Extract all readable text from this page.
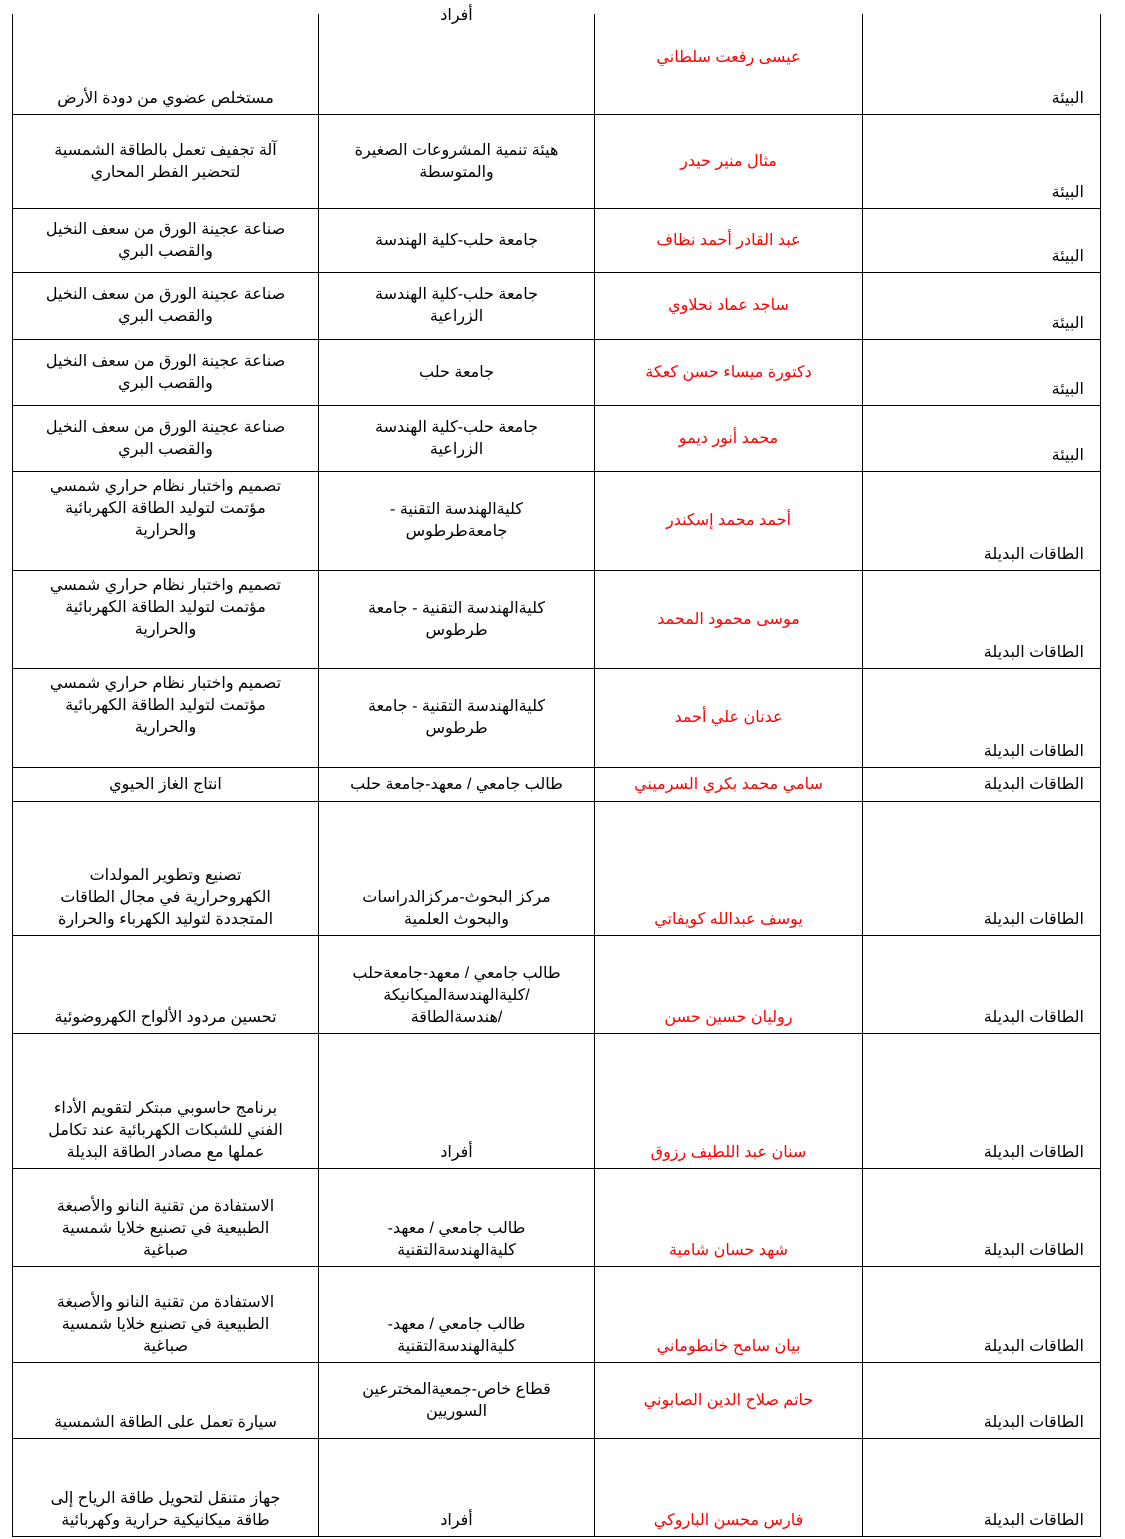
البيئة
عيسى رفعت سلطاني
أفراد
مستخلص عضوي من دودة الأرض
البيئة
مثال منير حيدر
هيئة تنمية المشروعات الصغيرة
والمتوسطة
آلة تجفيف تعمل بالطاقة الشمسية
لتحضير الفطر المحاري
البيئة
عبد القادر أحمد نظاف
جامعة حلب-كلية الهندسة
صناعة عجينة الورق من سعف النخيل
والقصب البري
البيئة
ساجد عماد نحلاوي
جامعة حلب-كلية الهندسة
الزراعية
صناعة عجينة الورق من سعف النخيل
والقصب البري
البيئة
دكتورة ميساء حسن كعكة
جامعة حلب
صناعة عجينة الورق من سعف النخيل
والقصب البري
البيئة
محمد أنور ديمو
جامعة حلب-كلية الهندسة
الزراعية
صناعة عجينة الورق من سعف النخيل
والقصب البري
الطاقات البديلة
أحمد محمد إسكندر
كليةالهندسة التقنية -
جامعةطرطوس
تصميم واختبار نظام حراري شمسي
مؤتمت لتوليد الطاقة الكهربائية
والحرارية
الطاقات البديلة
موسى محمود المحمد
كليةالهندسة التقنية - جامعة
طرطوس
تصميم واختبار نظام حراري شمسي
مؤتمت لتوليد الطاقة الكهربائية
والحرارية
الطاقات البديلة
عدنان علي أحمد
كليةالهندسة التقنية - جامعة
طرطوس
تصميم واختبار نظام حراري شمسي
مؤتمت لتوليد الطاقة الكهربائية
والحرارية
الطاقات البديلة
سامي محمد بكري السرميني
طالب جامعي / معهد-جامعة حلب
انتاج الغاز الحيوي
الطاقات البديلة
يوسف عبدالله كويفاتي
مركز البحوث-مركزالدراسات
والبحوث العلمية
تصنيع وتطوير المولدات
الكهروحرارية في مجال الطاقات
المتجددة لتوليد الكهرباء والحرارة
الطاقات البديلة
روليان حسين حسن
طالب جامعي / معهد-جامعةحلب
/كليةالهندسةالميكانيكة
/هندسةالطاقة
تحسين مردود الألواح الكهروضوئية
الطاقات البديلة
سنان عبد اللطيف رزوق
أفراد
برنامج حاسوبي مبتكر لتقويم الأداء
الفني للشبكات الكهربائية عند تكامل
عملها مع مصادر الطاقة البديلة
الطاقات البديلة
شهد حسان شامية
طالب جامعي / معهد-
كليةالهندسةالتقنية
الاستفادة من تقنية النانو والأصبغة
الطبيعية في تصنيع خلايا شمسية
صباغية
الطاقات البديلة
بيان سامح خانطوماني
طالب جامعي / معهد-
كليةالهندسةالتقنية
الاستفادة من تقنية النانو والأصبغة
الطبيعية في تصنيع خلايا شمسية
صباغية
الطاقات البديلة
حاتم صلاح الدين الصابوني
قطاع خاص-جمعيةالمخترعين
السوريين
سيارة تعمل على الطاقة الشمسية
الطاقات البديلة
فارس محسن الباروكي
أفراد
جهاز متنقل لتحويل طاقة الرياح إلى
طاقة ميكانيكية حرارية وكهربائية
